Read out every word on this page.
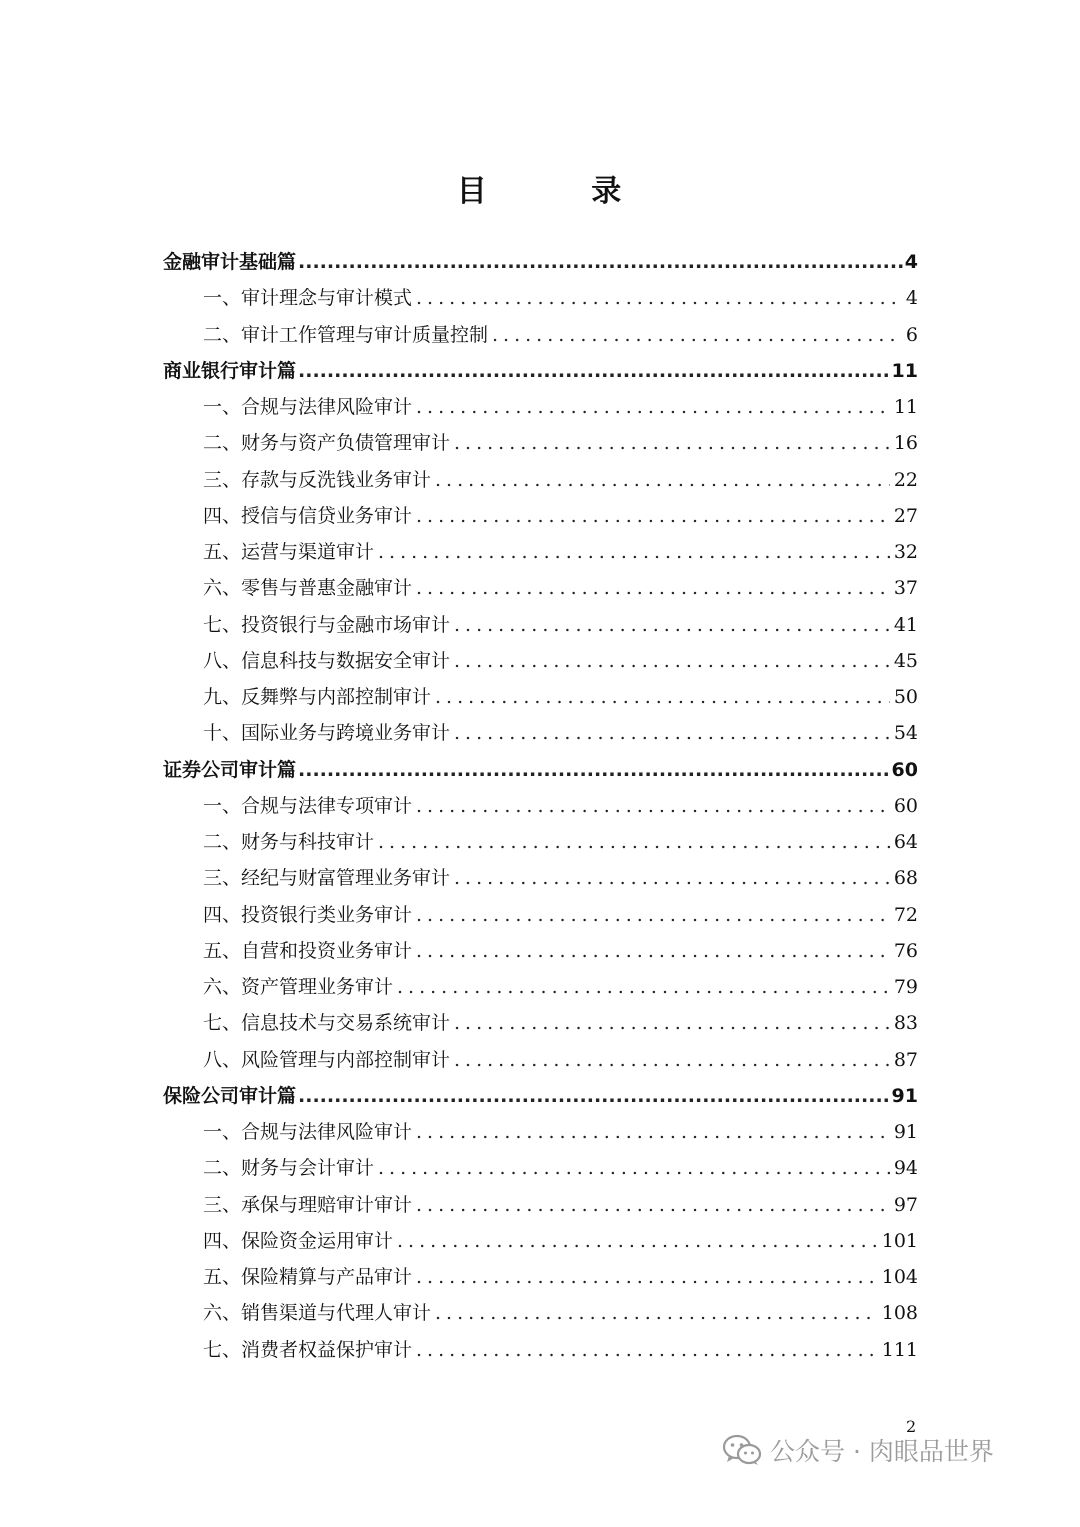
目 录
金融审计基础篇 .....	4
一、审计理念与审计模式 .....	4
二、审计工作管理与审计质量控制 .....	6
商业银行审计篇 .....	11
一、合规与法律风险审计 .....	11
二、财务与资产负债管理审计 .....	16
三、存款与反洗钱业务审计 .....	22
四、授信与信贷业务审计 .....	27
五、运营与渠道审计 .....	32
六、零售与普惠金融审计 .....	37
七、投资银行与金融市场审计 .....	41
八、信息科技与数据安全审计 .....	45
九、反舞弊与内部控制审计 .....	50
十、国际业务与跨境业务审计 .....	54
证券公司审计篇 .....	60
一、合规与法律专项审计 .....	60
二、财务与科技审计 .....	64
三、经纪与财富管理业务审计 .....	68
四、投资银行类业务审计 .....	72
五、自营和投资业务审计 .....	76
六、资产管理业务审计 .....	79
七、信息技术与交易系统审计 .....	83
八、风险管理与内部控制审计 .....	87
保险公司审计篇 .....	91
一、合规与法律风险审计 .....	91
二、财务与会计审计 .....	94
三、承保与理赔审计审计 .....	97
四、保险资金运用审计 .....	101
五、保险精算与产品审计 .....	104
六、销售渠道与代理人审计 .....	108
七、消费者权益保护审计 .....	111
2
公众号 · 肉眼品世界
